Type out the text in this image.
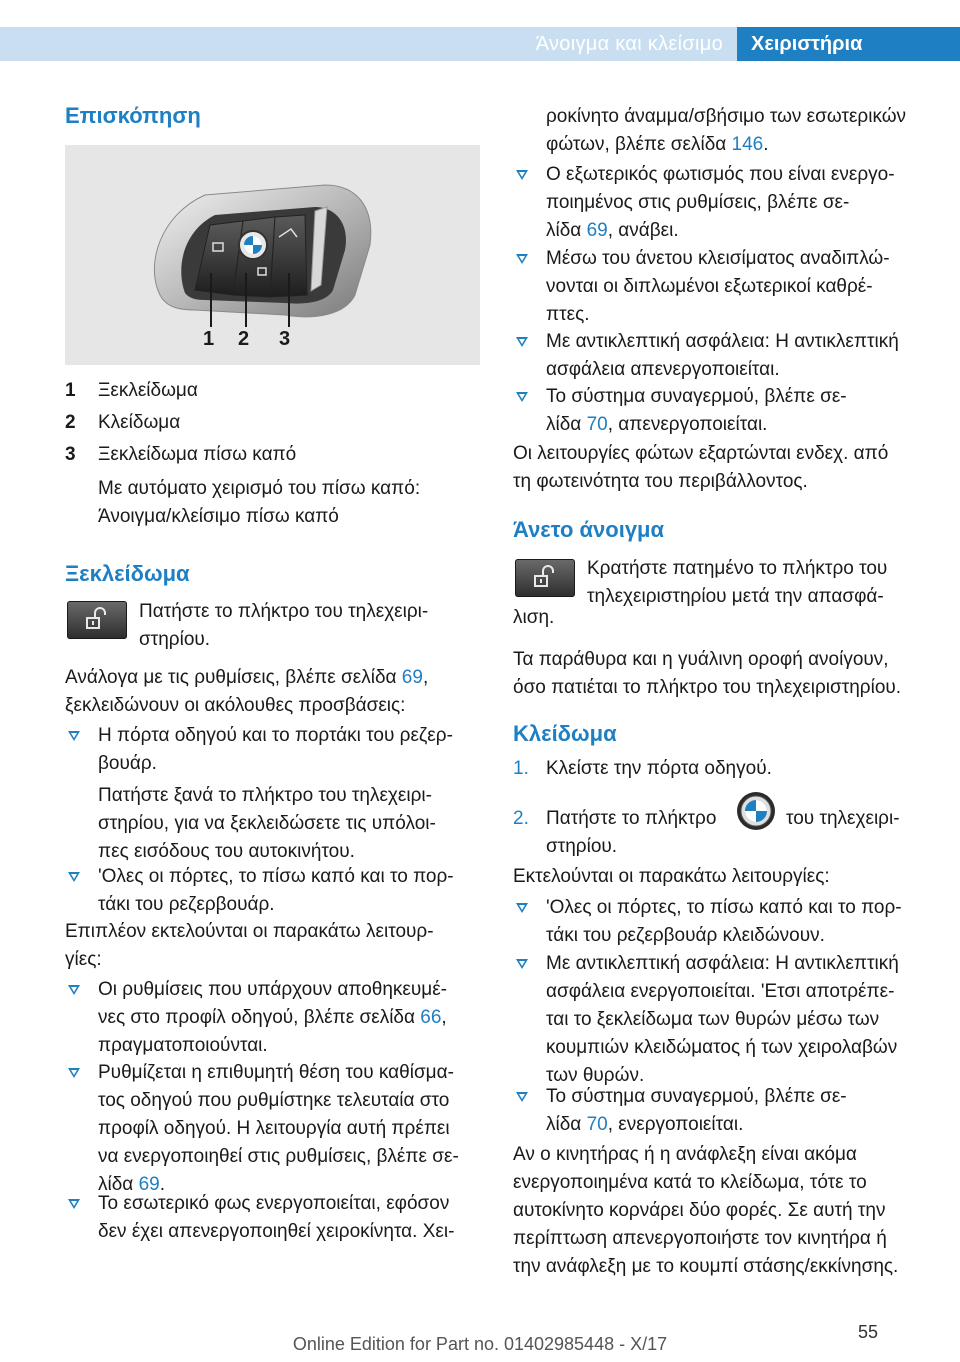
Άνοιγμα και κλείσιμο	Χειριστήρια
Επισκόπηση
1 2 3
1 Ξεκλείδωμα
2 Κλείδωμα
3 Ξεκλείδωμα πίσω καπό
Με αυτόματο χειρισμό του πίσω καπό:
Άνοιγμα/κλείσιμο πίσω καπό
Ξεκλείδωμα
Πατήστε το πλήκτρο του τηλεχειρι-
στηρίου.
Ανάλογα με τις ρυθμίσεις, βλέπε σελίδα 69,
ξεκλειδώνουν οι ακόλουθες προσβάσεις:
Η πόρτα οδηγού και το πορτάκι του ρεζερ-
βουάρ.
Πατήστε ξανά το πλήκτρο του τηλεχειρι-
στηρίου, για να ξεκλειδώσετε τις υπόλοι-
πες εισόδους του αυτοκινήτου.
'Ολες οι πόρτες, το πίσω καπό και το πορ-
τάκι του ρεζερβουάρ.
Επιπλέον εκτελούνται οι παρακάτω λειτουρ-
γίες:
Οι ρυθμίσεις που υπάρχουν αποθηκευμέ-
νες στο προφίλ οδηγού, βλέπε σελίδα 66,
πραγματοποιούνται.
Ρυθμίζεται η επιθυμητή θέση του καθίσμα-
τος οδηγού που ρυθμίστηκε τελευταία στο
προφίλ οδηγού. Η λειτουργία αυτή πρέπει
να ενεργοποιηθεί στις ρυθμίσεις, βλέπε σε-
λίδα 69.
Το εσωτερικό φως ενεργοποιείται, εφόσον
δεν έχει απενεργοποιηθεί χειροκίνητα. Χει-
ροκίνητο άναμμα/σβήσιμο των εσωτερικών
φώτων, βλέπε σελίδα 146.
Ο εξωτερικός φωτισμός που είναι ενεργο-
ποιημένος στις ρυθμίσεις, βλέπε σε-
λίδα 69, ανάβει.
Μέσω του άνετου κλεισίματος αναδιπλώ-
νονται οι διπλωμένοι εξωτερικοί καθρέ-
πτες.
Με αντικλεπτική ασφάλεια: Η αντικλεπτική
ασφάλεια απενεργοποιείται.
Το σύστημα συναγερμού, βλέπε σε-
λίδα 70, απενεργοποιείται.
Οι λειτουργίες φώτων εξαρτώνται ενδεχ. από
τη φωτεινότητα του περιβάλλοντος.
Άνετο άνοιγμα
Κρατήστε πατημένο το πλήκτρο του
τηλεχειριστηρίου μετά την απασφά-
λιση.
Τα παράθυρα και η γυάλινη οροφή ανοίγουν,
όσο πατιέται το πλήκτρο του τηλεχειριστηρίου.
Κλείδωμα
1. Κλείστε την πόρτα οδηγού.
2. Πατήστε το πλήκτρο	του τηλεχειρι-
στηρίου.
Εκτελούνται οι παρακάτω λειτουργίες:
'Ολες οι πόρτες, το πίσω καπό και το πορ-
τάκι του ρεζερβουάρ κλειδώνουν.
Με αντικλεπτική ασφάλεια: Η αντικλεπτική
ασφάλεια ενεργοποιείται. 'Ετσι αποτρέπε-
ται το ξεκλείδωμα των θυρών μέσω των
κουμπιών κλειδώματος ή των χειρολαβών
των θυρών.
Το σύστημα συναγερμού, βλέπε σε-
λίδα 70, ενεργοποιείται.
Αν ο κινητήρας ή η ανάφλεξη είναι ακόμα
ενεργοποιημένα κατά το κλείδωμα, τότε το
αυτοκίνητο κορνάρει δύο φορές. Σε αυτή την
περίπτωση απενεργοποιήστε τον κινητήρα ή
την ανάφλεξη με το κουμπί στάσης/εκκίνησης.
55
Online Edition for Part no. 01402985448 - X/17
